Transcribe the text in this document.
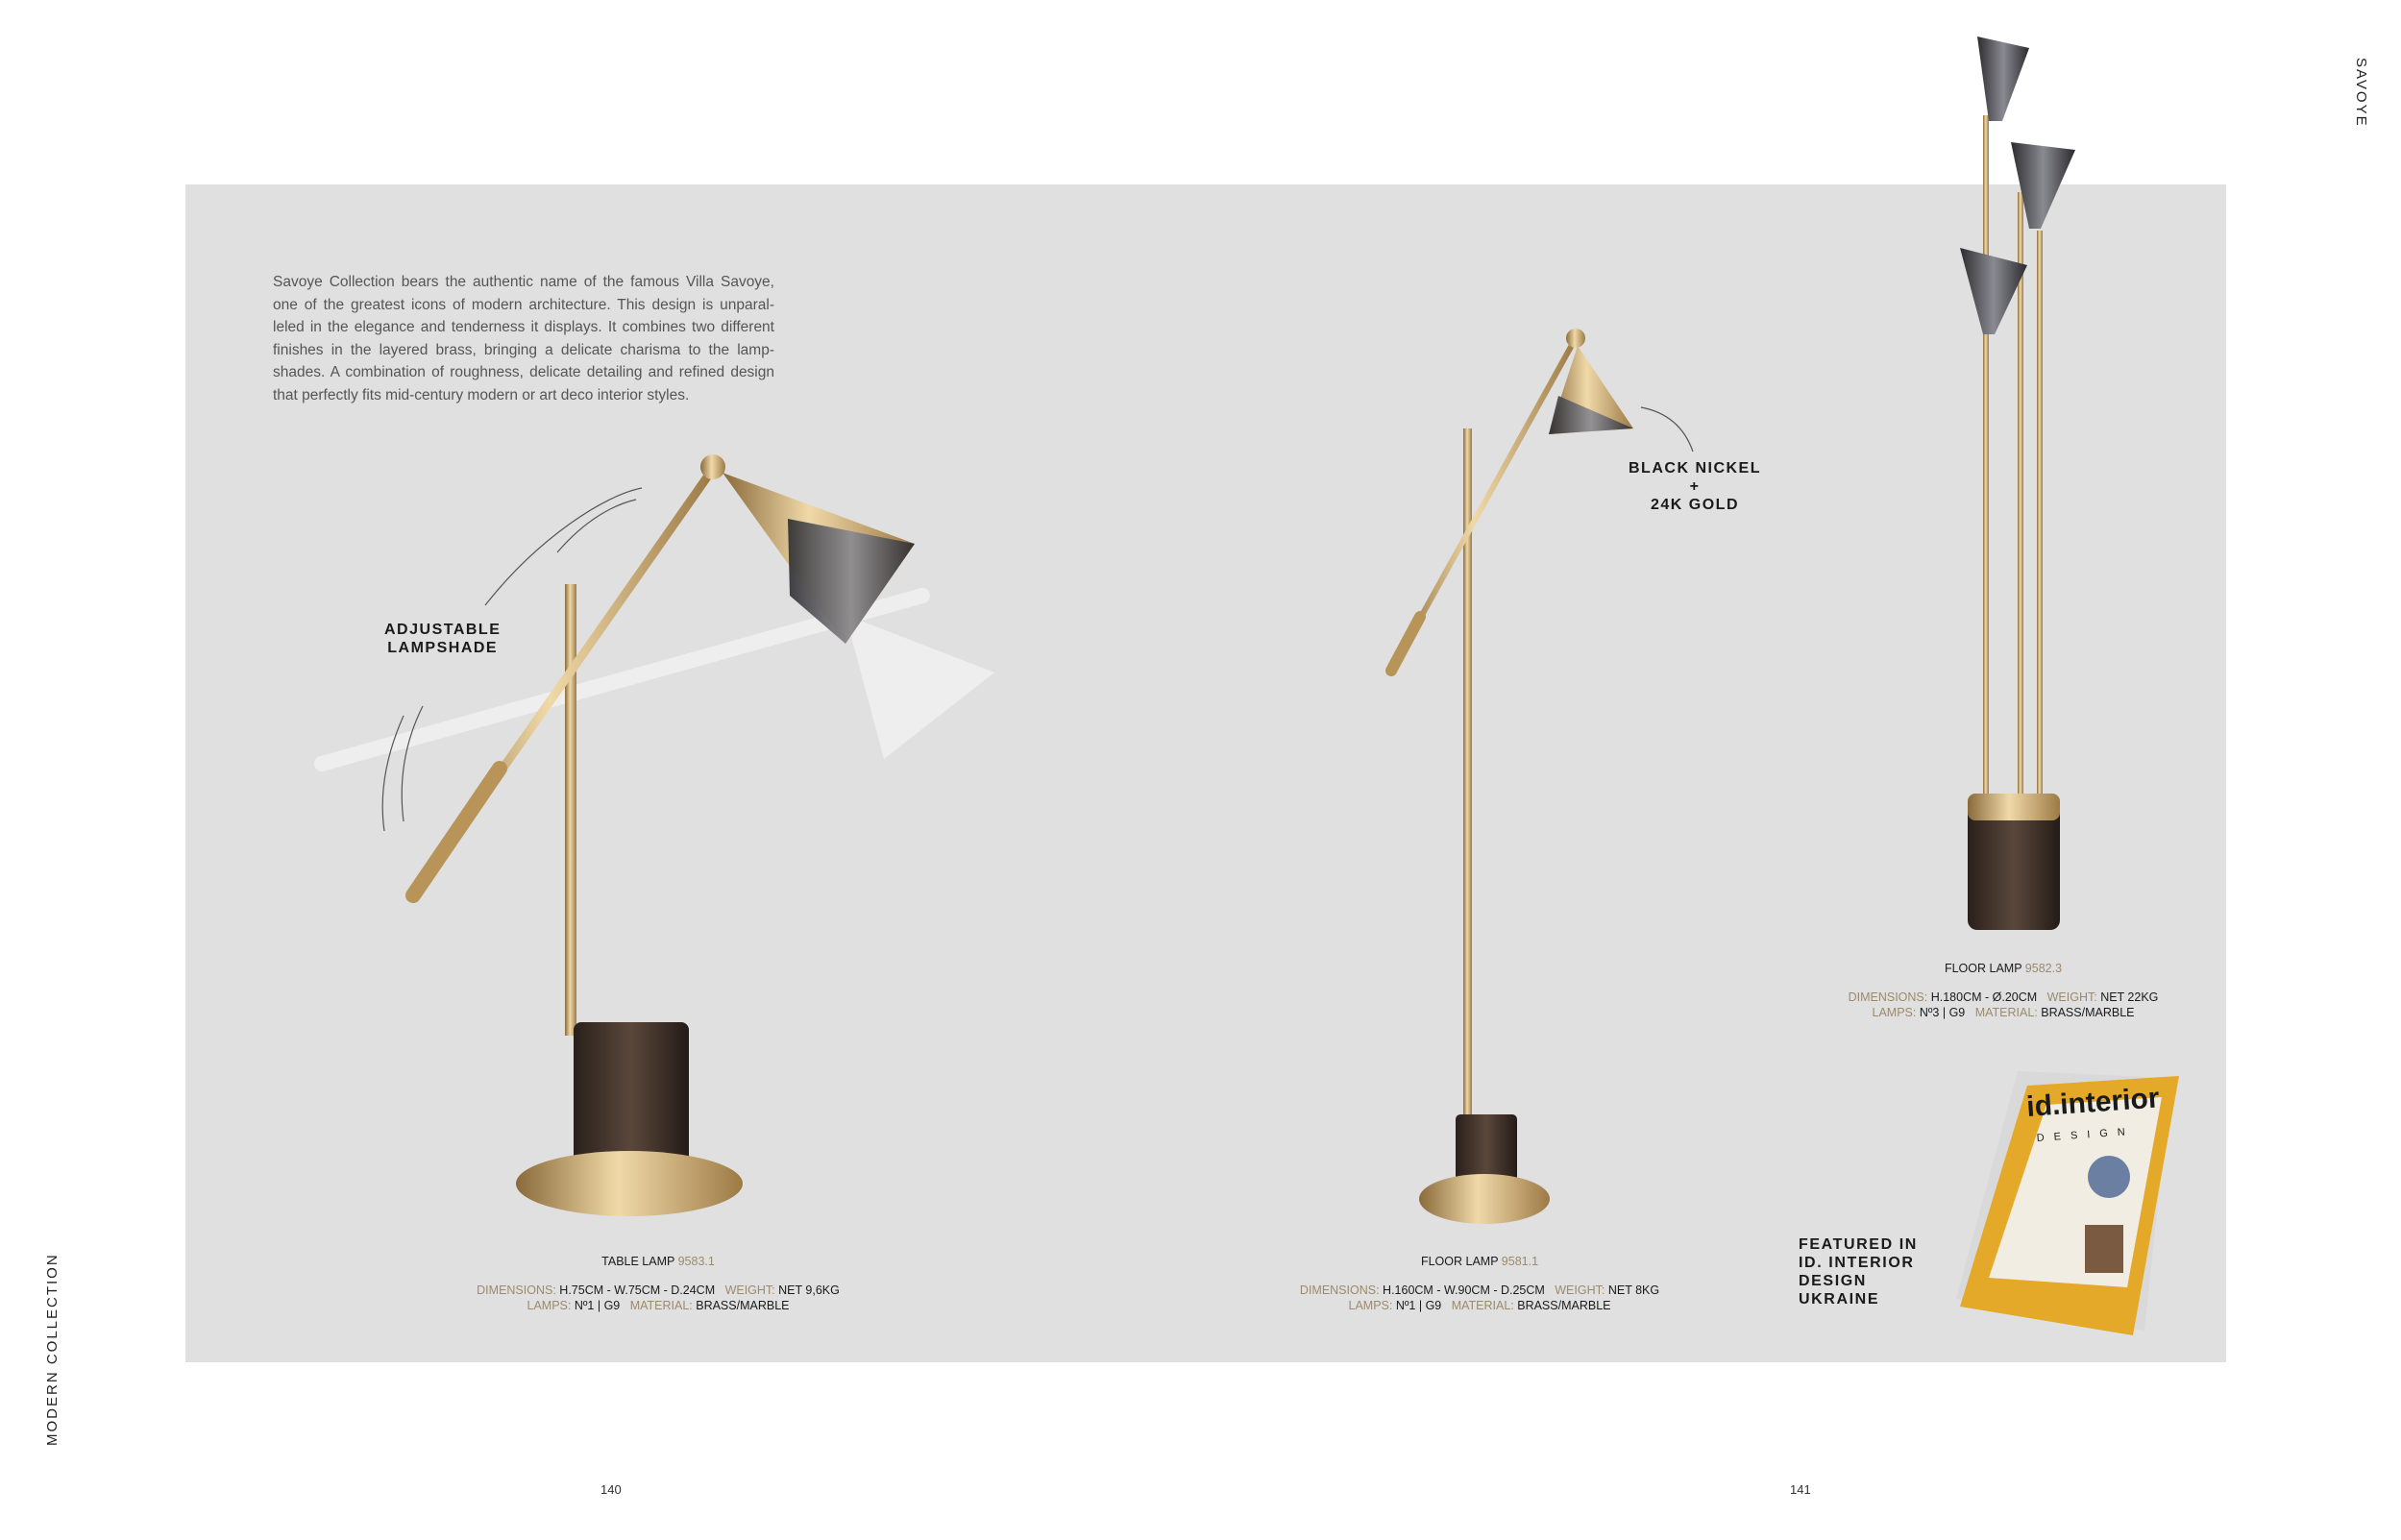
id.interior
DESIGN
Savoye Collection bears the authentic name of the famous Villa Savoye, one of the greatest icons of modern architecture. This design is unparal-leled in the elegance and tenderness it displays. It combines two different finishes in the layered brass, bringing a delicate charisma to the lamp-shades. A combination of roughness, delicate detailing and refined design that perfectly fits mid-century modern or art deco interior styles.
MODERN COLLECTION
SAVOYE
140	141
ADJUSTABLE
LAMPSHADE
BLACK NICKEL
+
24K GOLD
TABLE LAMP 9583.1
DIMENSIONS: H.75CM - W.75CM - D.24CM WEIGHT: NET 9,6KG
LAMPS: Nº1 | G9 MATERIAL: BRASS/MARBLE
FLOOR LAMP 9581.1
DIMENSIONS: H.160CM - W.90CM - D.25CM WEIGHT: NET 8KG
LAMPS: Nº1 | G9 MATERIAL: BRASS/MARBLE
FLOOR LAMP 9582.3
DIMENSIONS: H.180CM - Ø.20CM WEIGHT: NET 22KG
LAMPS: Nº3 | G9 MATERIAL: BRASS/MARBLE
FEATURED IN
ID. INTERIOR
DESIGN
UKRAINE
